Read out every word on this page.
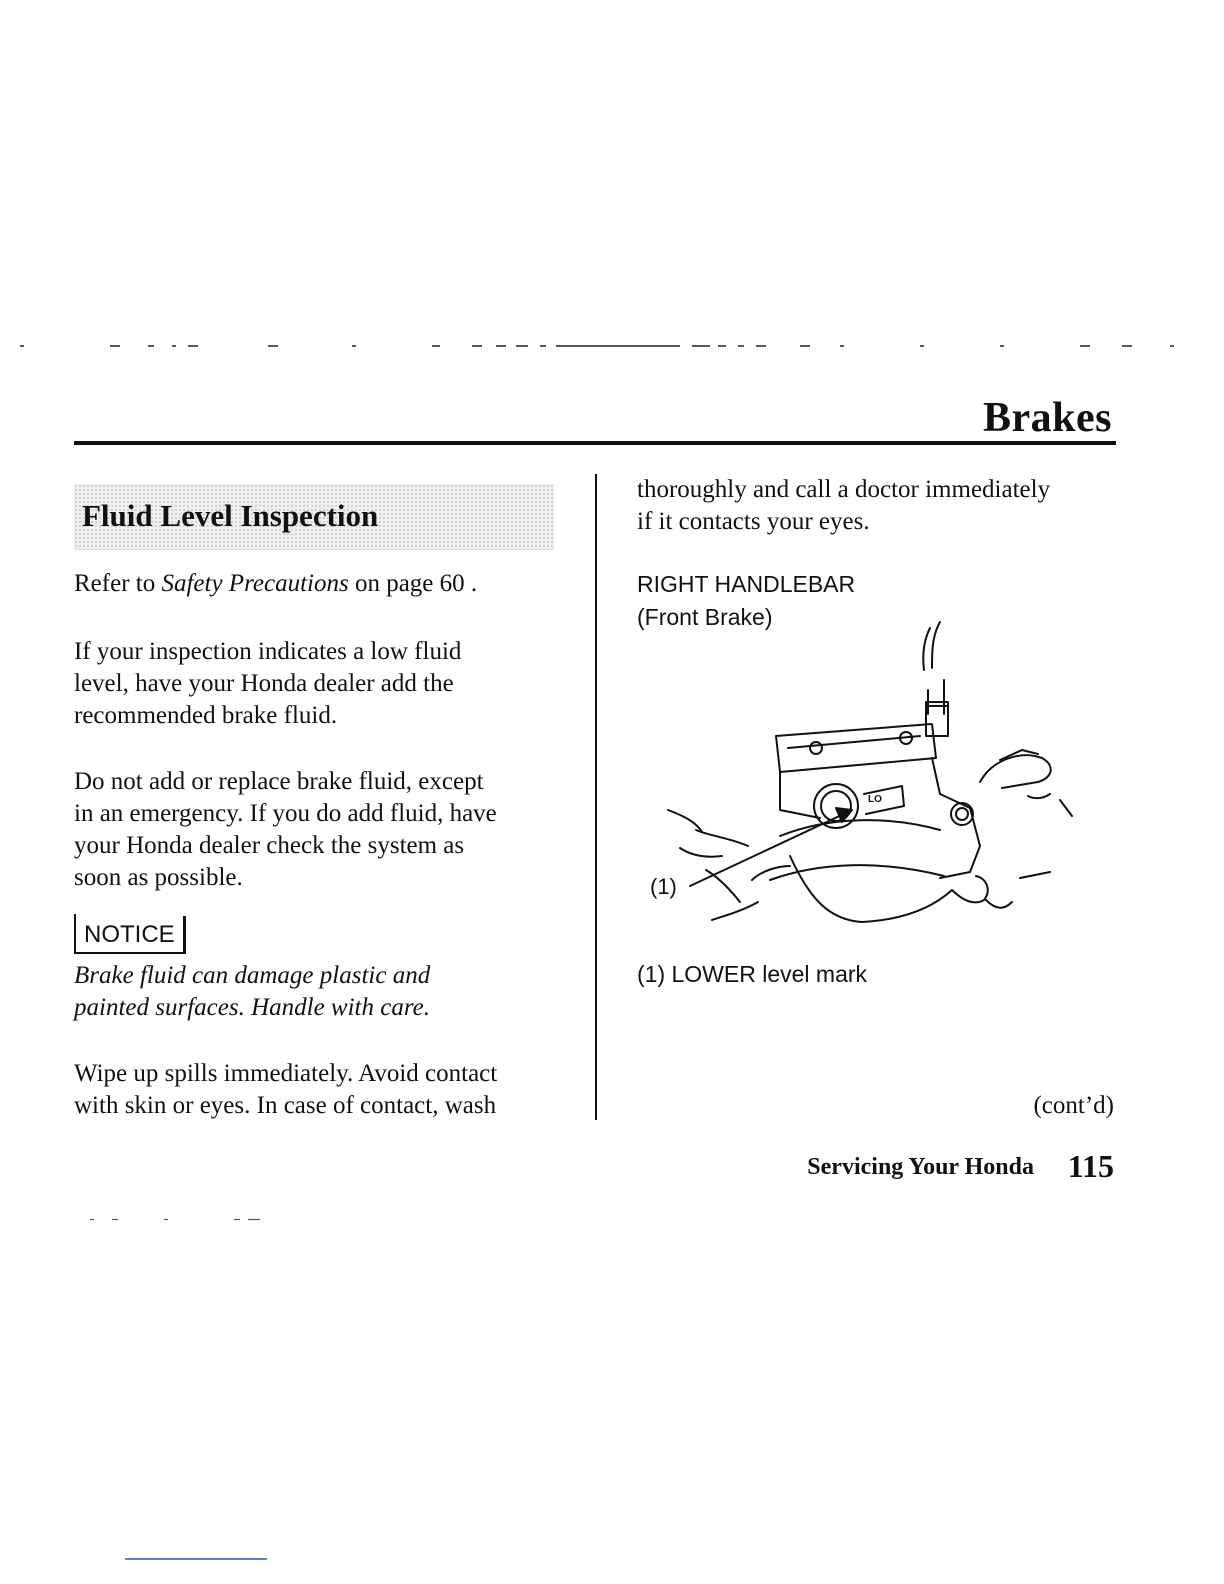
Brakes
Fluid Level Inspection
Refer to Safety Precautions on page 60 .
If your inspection indicates a low fluid
level, have your Honda dealer add the
recommended brake fluid.
Do not add or replace brake fluid, except
in an emergency. If you do add fluid, have
your Honda dealer check the system as
soon as possible.
NOTICE
Brake fluid can damage plastic and
painted surfaces. Handle with care.
Wipe up spills immediately. Avoid contact
with skin or eyes. In case of contact, wash
thoroughly and call a doctor immediately
if it contacts your eyes.
RIGHT HANDLEBAR
(Front Brake)
LO
(1)
(1) LOWER level mark
(cont’d)
Servicing Your Honda 115
